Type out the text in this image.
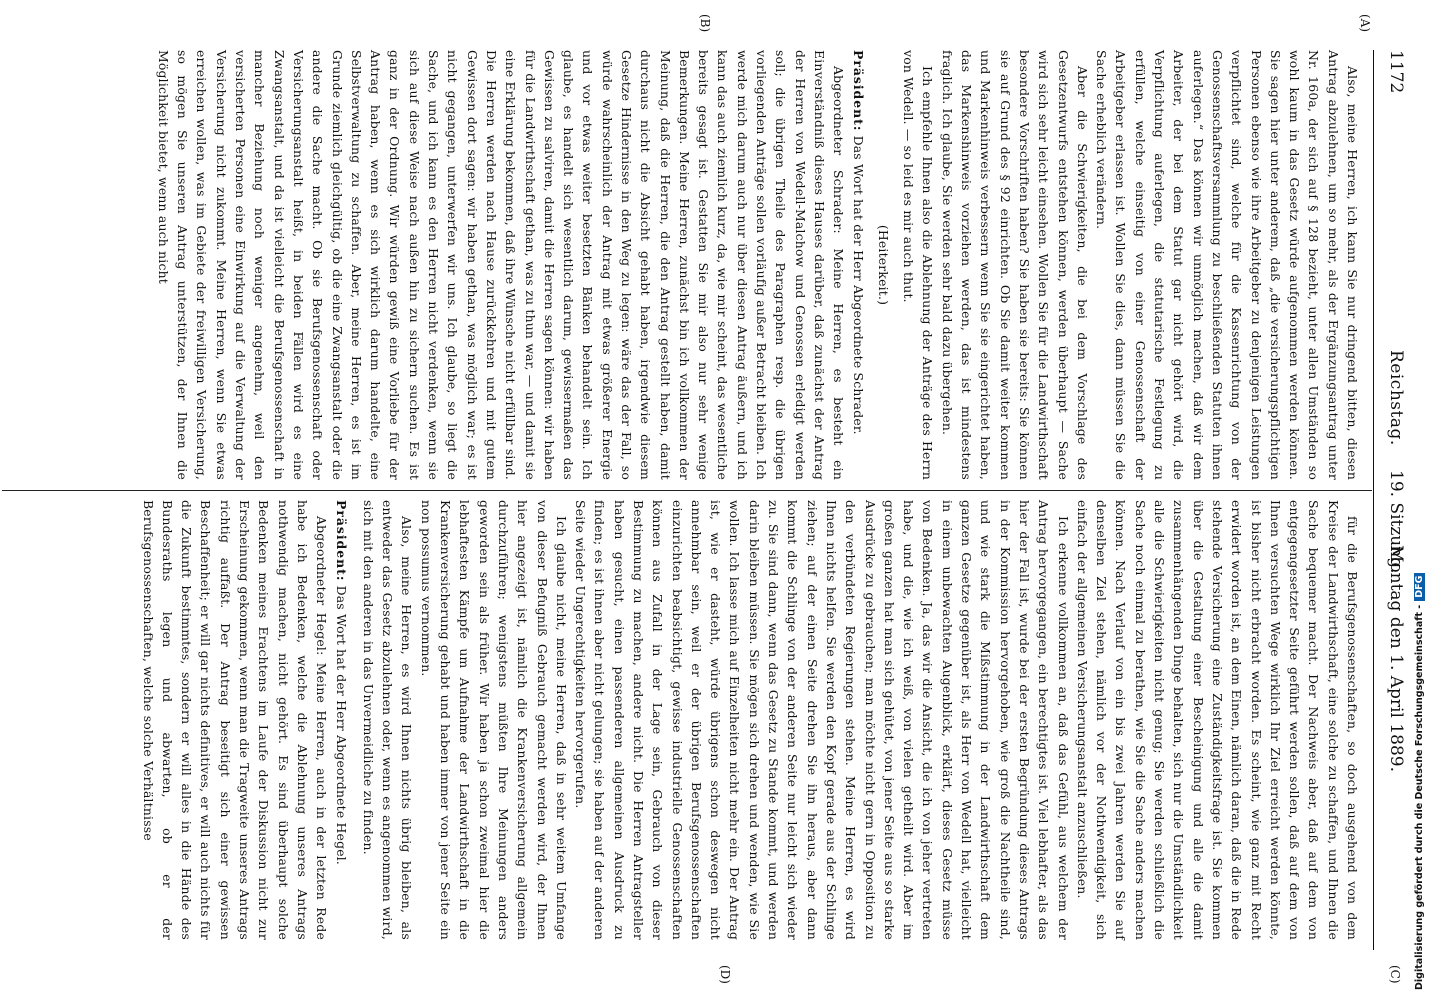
1172
Reichstag.
19. Sitzung.
(A)
(B)

Also, meine Herren, ich kann Sie nur dringend bitten, diesen Antrag abzulehnen, um so mehr, als der Ergänzungsantrag unter Nr. 160a, der sich auf § 128 bezieht, unter allen Umständen so wohl kaum in das Gesetz würde aufgenommen werden können. Sie sagen hier unter anderem, daß „die versicherungspflichtigen Personen ebenso wie ihre Arbeitgeber zu denjenigen Leistungen verpflichtet sind, welche für die Kassenrichtung von der Genossenschaftsversammlung zu beschließenden Statuten ihnen auferlegen.“ Das können wir unmöglich machen, daß wir dem Arbeiter, der bei dem Statut gar nicht gehört wird, die Verpflichtung auferlegen, die statutarische Festlegung zu erfüllen, welche einseitig von einer Genossenschaft der Arbeitgeber erlassen ist. Wollen Sie dies, dann müssen Sie die Sache erheblich verändern.

Aber die Schwierigkeiten, die bei dem Vorschlage des Gesetzentwurfs entstehen können, werden überhaupt — Sache wird sich sehr leicht einsehen. Wollen Sie für die Landwirthschaft besondere Vorschriften haben? Sie haben sie bereits: Sie können sie auf Grund des § 92 einrichten. Ob Sie damit weiter kommen und Markenhinweis verbessern wenn Sie sie eingerichtet haben, das Markenshinweis vorziehen werden, das ist mindestens fraglich. Ich glaube, Sie werden sehr bald dazu übergehen.

Ich empfehle Ihnen also die Ablehnung der Anträge des Herrn von Wedell. — so leid es mir auch thut.

(Heiterkeit.)

Präsident: Das Wort hat der Herr Abgeordnete Schrader.

Abgeordneter Schrader: Meine Herren, es besteht ein Einverständniß dieses Hauses darüber, daß zunächst der Antrag der Herren von Wedell-Malchow und Genossen erledigt werden soll; die übrigen Theile des Paragraphen resp. die übrigen vorliegenden Anträge sollen vorläufig außer Betracht bleiben. Ich werde mich darum auch nur über diesen Antrag äußern, und ich kann das auch ziemlich kurz, da, wie mir scheint, das wesentliche bereits gesagt ist. Gestatten Sie mir also nur sehr wenige Bemerkungen. Meine Herren, zunächst bin ich vollkommen der Meinung, daß die Herren, die den Antrag gestellt haben, damit durchaus nicht die Absicht gehabt haben, irgendwie diesem Gesetze Hindernisse in den Weg zu legen: wäre das der Fall, so würde wahrscheinlich der Antrag mit etwas größerer Energie und vor etwas weiter besetzten Bänken behandelt sein. Ich glaube, es handelt sich wesentlich darum, gewissermaßen das Gewissen zu salviren, damit die Herren sagen können: wir haben für die Landwirthschaft gethan, was zu thun war, — und damit sie eine Erklärung bekommen, daß ihre Wünsche nicht erfüllbar sind. Die Herren werden nach Hause zurückkehren und mit gutem Gewissen dort sagen: wir haben gethan, was möglich war; es ist nicht gegangen, unterwerfen wir uns. Ich glaube, so liegt die Sache, und ich kann es den Herren nicht verdenken, wenn sie sich auf diese Weise nach außen hin zu sichern suchen. Es ist ganz in der Ordnung. Wir würden gewiß eine Vorliebe für der Antrag haben, wenn es sich wirklich darum handelte, eine Selbstverwaltung zu schaffen. Aber, meine Herren, es ist im Grunde ziemlich gleichgültig, ob die eine Zwangsanstalt oder die andere die Sache macht. Ob sie Berufsgenossenschaft oder Versicherungsanstalt heißt, in beiden Fällen wird es eine Zwangsanstalt, und da ist vielleicht die Berufsgenossenschaft in mancher Beziehung noch weniger angenehm, weil den versicherten Personen eine Einwirkung auf die Verwaltung der Versicherung nicht zukommt. Meine Herren, wenn Sie etwas erreichen wollen, was im Gebiete der freiwilligen Versicherung, so mögen Sie unseren Antrag unterstützen, der Ihnen die Möglichkeit bietet, wenn auch nicht

Montag den 1. April 1889.
(C)
(D)

für die Berufsgenossenschaften, so doch ausgehend von dem Kreise der Landwirthschaft, eine solche zu schaffen, und Ihnen die Sache bequemer macht. Der Nachweis aber, daß auf dem von entgegengesetzter Seite geführt werden sollen, daß auf dem von Ihnen versuchten Wege wirklich Ihr Ziel erreicht werden könnte, ist bisher nicht erbracht worden. Es scheint, wie ganz mit Recht erwidert worden ist, an dem Einen, nämlich daran, daß die in Rede stehende Versicherung eine Zuständigkeitsfrage ist. Sie kommen über die Gestaltung einer Bescheinigung und alle die damit zusammenhängenden Dinge behalten, sich nur die Umständlichkeit alle die Schwierigkeiten nicht genug; Sie werden schließlich die Sache noch einmal zu berathen, wie Sie die Sache anders machen können. Nach Verlauf von ein bis zwei Jahren werden Sie auf denselben Ziel stehen, nämlich vor der Nothwendigkeit, sich einfach der allgemeinen Versicherungsanstalt anzuschließen.

Ich erkenne vollkommen an, daß das Gefühl, aus welchem der Antrag hervorgegangen, ein berechtigtes ist. Viel lebhafter, als das hier der Fall ist, wurde bei der ersten Begründung dieses Antrags in der Kommission hervorgehoben, wie groß die Nachtheile sind, und wie stark die Mißstimmung in der Landwirthschaft dem ganzen Gesetze gegenüber ist, als Herr von Wedell hat, vielleicht in einem unbewachten Augenblick, erklärt, dieses Gesetz müsse von Bedenken. Ja, das wir die Ansicht, die ich von jeher vertreten habe, und die, wie ich weiß, von vielen getheilt wird. Aber im großen ganzen hat man sich gehütet, von jener Seite aus so starke Ausdrücke zu gebrauchen; man möchte nicht gern in Opposition zu den verbündeten Regierungen stehen. Meine Herren, es wird Ihnen nichts helfen. Sie werden den Kopf gerade aus der Schlinge ziehen; auf der einen Seite drehen Sie ihn heraus, aber dann kommt die Schlinge von der anderen Seite nur leicht sich wieder zu. Sie sind dann, wenn das Gesetz zu Stande kommt, und werden darin bleiben müssen. Sie mögen sich drehen und wenden, wie Sie wollen. Ich lasse mich auf Einzelheiten nicht mehr ein. Der Antrag ist, wie er dasteht, würde übrigens schon deswegen nicht annehmbar sein, weil er der übrigen Berufsgenossenschaften einzurichten beabsichtigt, gewisse industrielle Genossenschaften können aus Zufall in der Lage sein, Gebrauch von dieser Bestimmung zu machen, andere nicht. Die Herren Antragsteller haben gesucht, einen passenderen allgemeinen Ausdruck zu finden; es ist ihnen aber nicht gelungen; sie haben auf der anderen Seite wieder Ungerechtigkeiten hervorgerufen.

Ich glaube nicht, meine Herren, daß in sehr weitem Umfange von dieser Befugniß Gebrauch gemacht werden wird, der Ihnen hier angezeigt ist, nämlich die Krankenversicherung allgemein durchzuführen; wenigstens müßten Ihre Meinungen anders geworden sein als früher. Wir haben ja schon zweimal hier die lebhaftesten Kämpfe um Aufnahme der Landwirthschaft in die Krankenversicherung gehabt und haben immer von jener Seite ein non possumus vernommen.

Also, meine Herren, es wird Ihnen nichts übrig bleiben, als entweder das Gesetz abzulehnen oder, wenn es angenommen wird, sich mit den anderen in das Unvermeidliche zu finden.

Präsident: Das Wort hat der Herr Abgeordnete Hegel.

Abgeordneter Hegel: Meine Herren, auch in der letzten Rede habe ich Bedenken, welche die Ablehnung unseres Antrags nothwendig machen, nicht gehört. Es sind überhaupt solche Bedenken meines Erachtens im Laufe der Diskussion nicht zur Erscheinung gekommen, wenn man die Tragweite unseres Antrags richtig auffaßt. Der Antrag beseitigt sich einer gewissen Beschaffenheit; er will gar nichts definitives, er will auch nichts für die Zukunft bestimmtes, sondern er will alles in die Hände des Bundesraths legen und abwarten, ob er der Berufsgenossenschaften, welche solche Verhältnisse	Digitalisierung gefördert durch die Deutsche Forschungsgemeinschaft -DFG
